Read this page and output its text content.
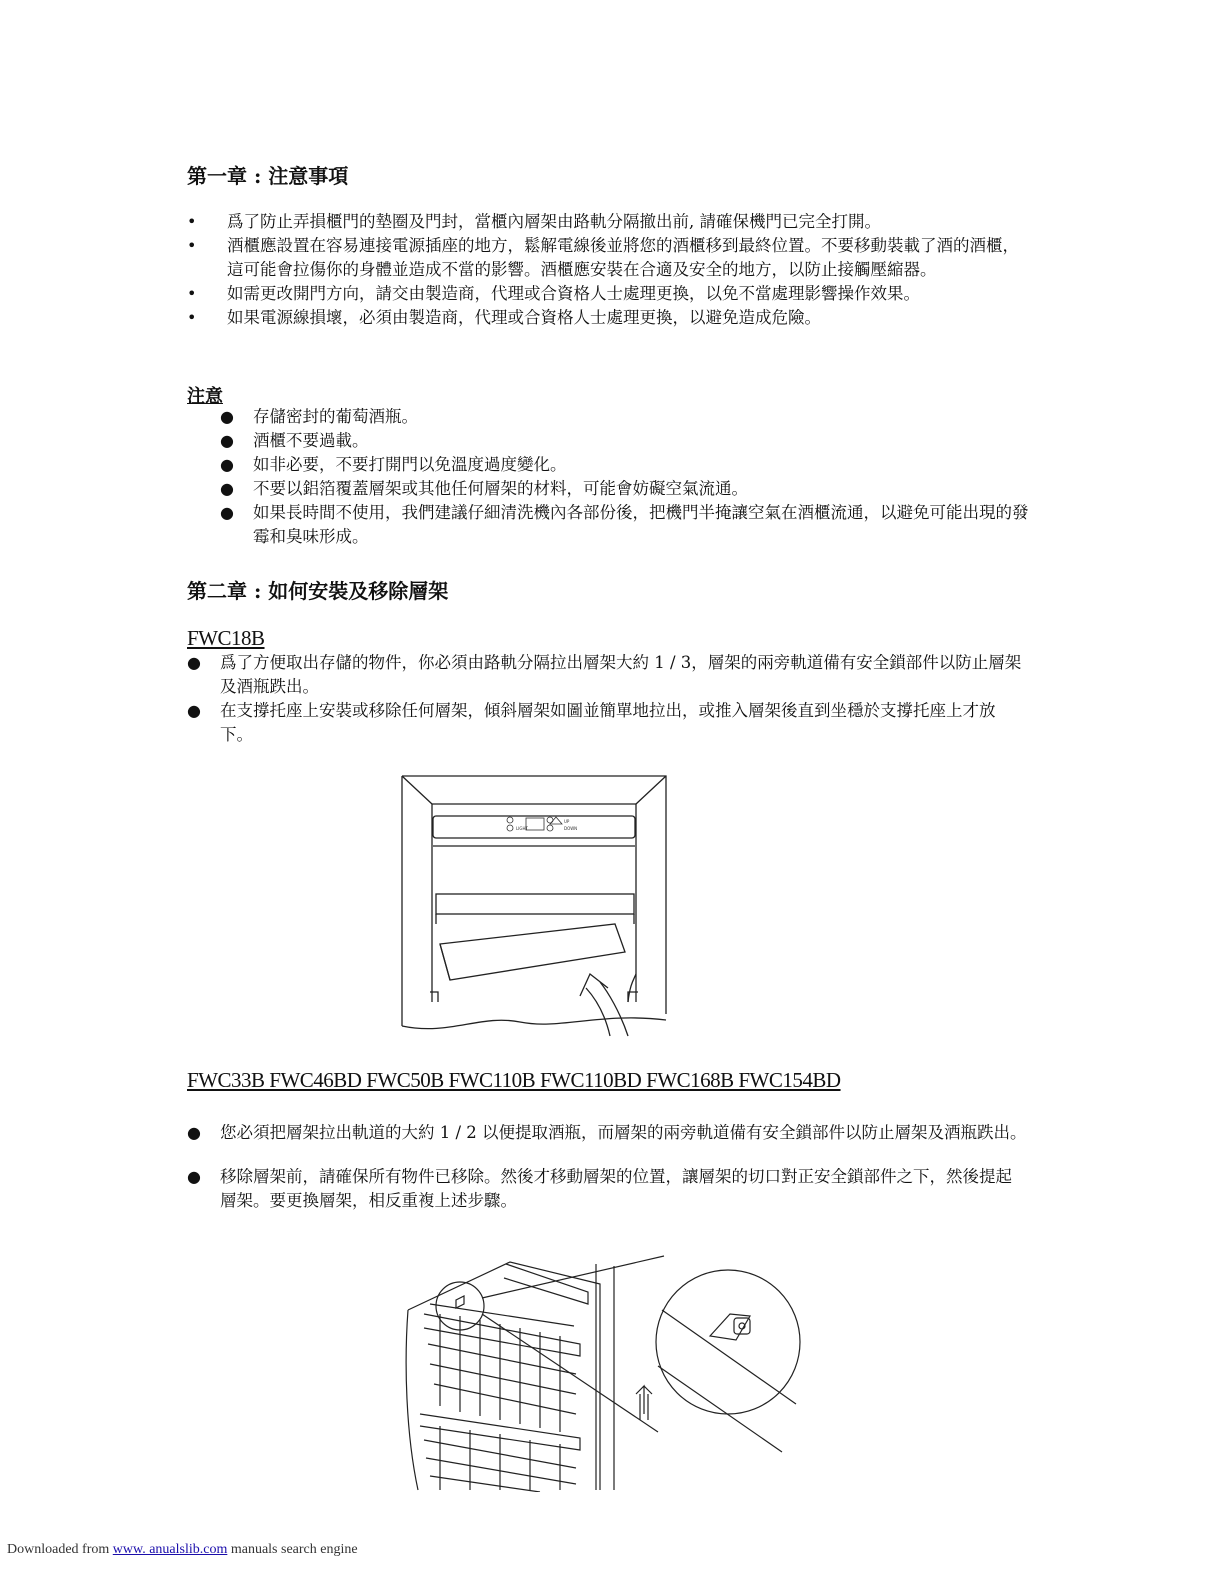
第一章 : 注意事項
• 爲了防止弄損櫃門的墊圈及門封，當櫃內層架由路軌分隔撤出前, 請確保機門已完全打開。
• 酒櫃應設置在容易連接電源插座的地方，鬆解電線後並將您的酒櫃移到最終位置。不要移動裝載了酒的酒櫃，這可能會拉傷你的身體並造成不當的影響。酒櫃應安裝在合適及安全的地方，以防止接觸壓縮器。
• 如需更改開門方向，請交由製造商，代理或合資格人士處理更換，以免不當處理影響操作效果。
• 如果電源線損壞，必須由製造商，代理或合資格人士處理更換，以避免造成危險。
注意
● 存儲密封的葡萄酒瓶。
● 酒櫃不要過載。
● 如非必要，不要打開門以免溫度過度變化。
● 不要以鋁箔覆蓋層架或其他任何層架的材料，可能會妨礙空氣流通。
● 如果長時間不使用，我們建議仔細清洗機內各部份後，把機門半掩讓空氣在酒櫃流通，以避免可能出現的發霉和臭味形成。
第二章 : 如何安裝及移除層架
FWC18B
● 爲了方便取出存儲的物件，你必須由路軌分隔拉出層架大約 1 / 3，層架的兩旁軌道備有安全鎖部件以防止層架及酒瓶跌出。
● 在支撐托座上安裝或移除任何層架，傾斜層架如圖並簡單地拉出，或推入層架後直到坐穩於支撐托座上才放下。
LIGHT
UP
DOWN
FWC33B FWC46BD FWC50B FWC110B FWC110BD FWC168B FWC154BD
● 您必須把層架拉出軌道的大約 1 / 2 以便提取酒瓶，而層架的兩旁軌道備有安全鎖部件以防止層架及酒瓶跌出。
● 移除層架前，請確保所有物件已移除。然後才移動層架的位置，讓層架的切口對正安全鎖部件之下，然後提起層架。要更換層架，相反重複上述步驟。
Downloaded from www. anualslib.com manuals search engine
